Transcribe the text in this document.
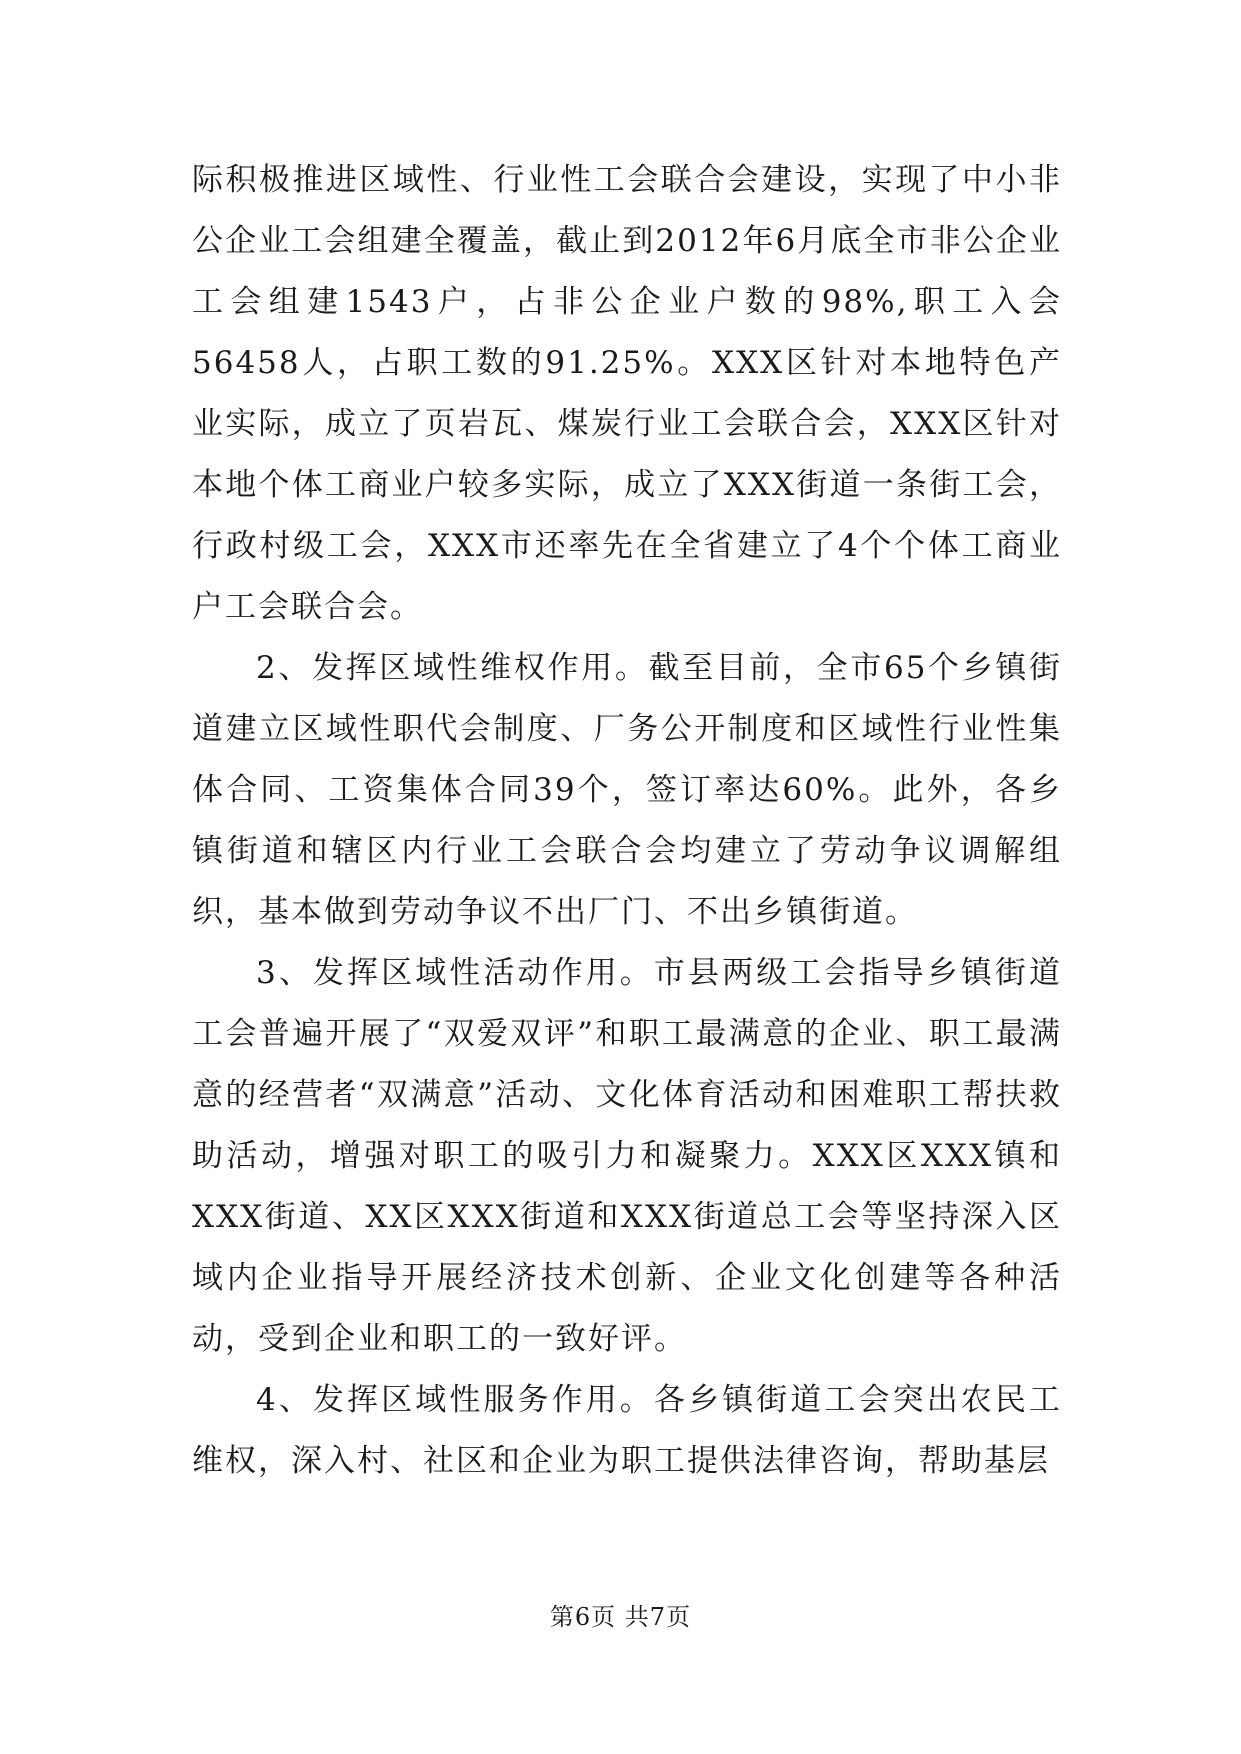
际积极推进区域性、行业性工会联合会建设，实现了中小非公企业工会组建全覆盖，截止到2012年6月底全市非公企业工会组建1543户，占非公企业户数的98%,职工入会56458人，占职工数的91.25%。XXX区针对本地特色产业实际，成立了页岩瓦、煤炭行业工会联合会，XXX区针对本地个体工商业户较多实际，成立了XXX街道一条街工会，行政村级工会，XXX市还率先在全省建立了4个个体工商业户工会联合会。

2、发挥区域性维权作用。截至目前，全市65个乡镇街道建立区域性职代会制度、厂务公开制度和区域性行业性集体合同、工资集体合同39个，签订率达60%。此外，各乡镇街道和辖区内行业工会联合会均建立了劳动争议调解组织，基本做到劳动争议不出厂门、不出乡镇街道。

3、发挥区域性活动作用。市县两级工会指导乡镇街道工会普遍开展了“双爱双评”和职工最满意的企业、职工最满意的经营者“双满意”活动、文化体育活动和困难职工帮扶救助活动，增强对职工的吸引力和凝聚力。XXX区XXX镇和XXX街道、XX区XXX街道和XXX街道总工会等坚持深入区域内企业指导开展经济技术创新、企业文化创建等各种活动，受到企业和职工的一致好评。

4、发挥区域性服务作用。各乡镇街道工会突出农民工维权，深入村、社区和企业为职工提供法律咨询，帮助基层

第6页 共7页
